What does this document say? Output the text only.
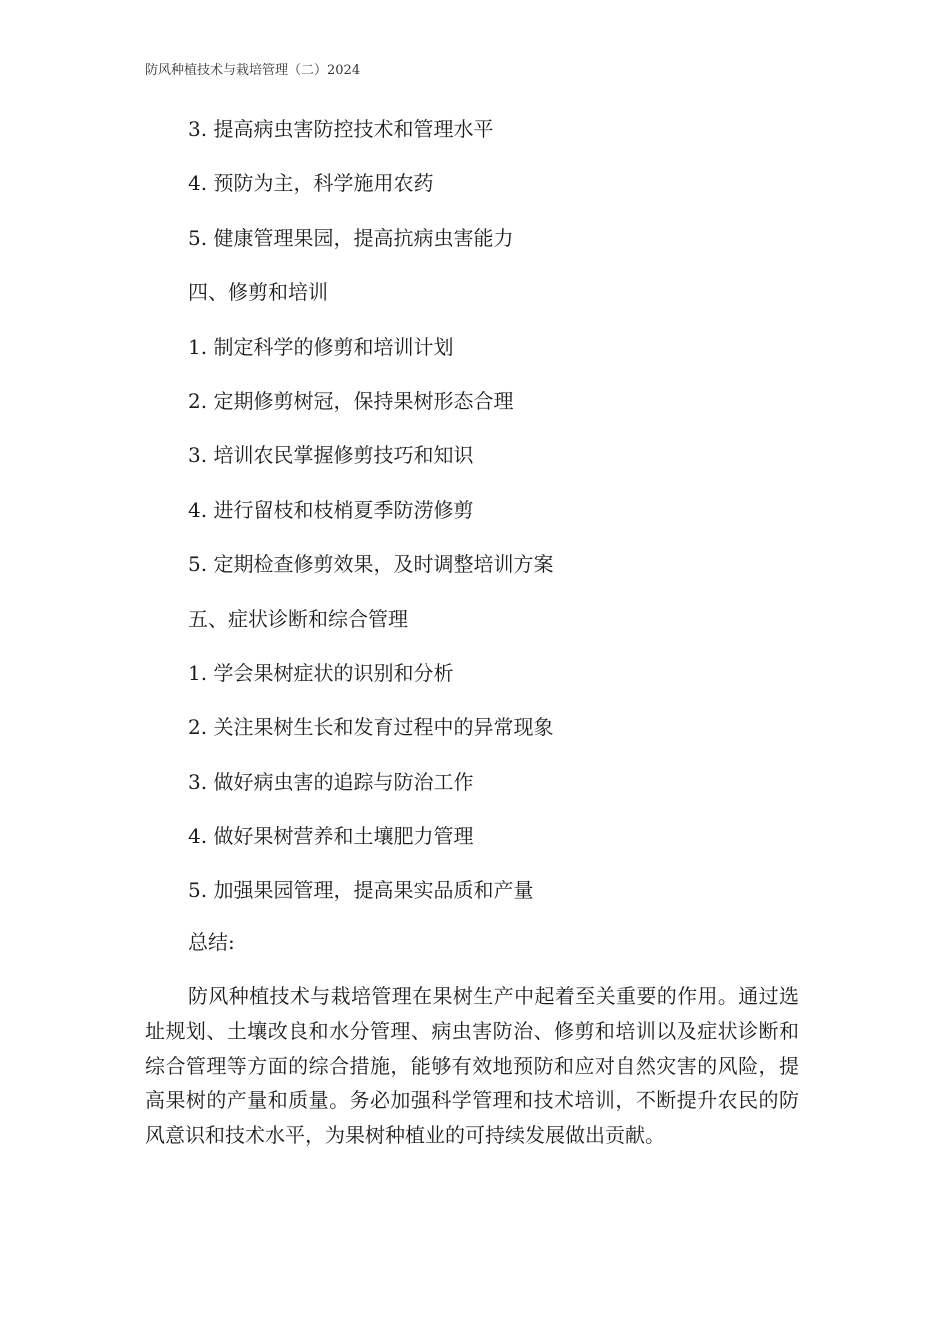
防风种植技术与栽培管理（二）2024
3. 提高病虫害防控技术和管理水平
4. 预防为主，科学施用农药
5. 健康管理果园，提高抗病虫害能力
四、修剪和培训
1. 制定科学的修剪和培训计划
2. 定期修剪树冠，保持果树形态合理
3. 培训农民掌握修剪技巧和知识
4. 进行留枝和枝梢夏季防涝修剪
5. 定期检查修剪效果，及时调整培训方案
五、症状诊断和综合管理
1. 学会果树症状的识别和分析
2. 关注果树生长和发育过程中的异常现象
3. 做好病虫害的追踪与防治工作
4. 做好果树营养和土壤肥力管理
5. 加强果园管理，提高果实品质和产量
总结:

防风种植技术与栽培管理在果树生产中起着至关重要的作用。通过选址规划、土壤改良和水分管理、病虫害防治、修剪和培训以及症状诊断和综合管理等方面的综合措施，能够有效地预防和应对自然灾害的风险，提高果树的产量和质量。务必加强科学管理和技术培训，不断提升农民的防风意识和技术水平，为果树种植业的可持续发展做出贡献。
